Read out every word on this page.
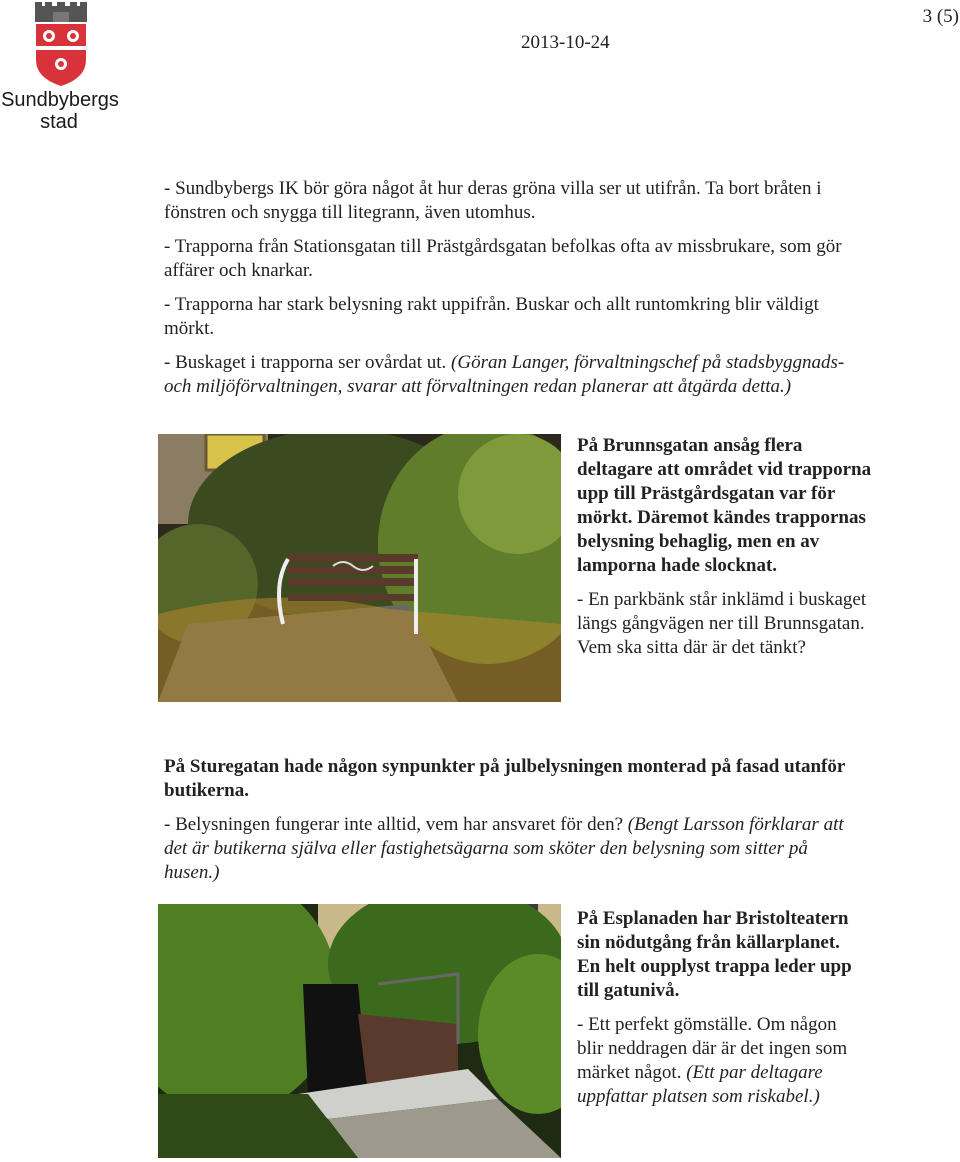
Sundbybergs
stad
2013-10-24
3 (5)

- Sundbybergs IK bör göra något åt hur deras gröna villa ser ut utifrån. Ta bort bråten i fönstren och snygga till litegrann, även utomhus.

- Trapporna från Stationsgatan till Prästgårdsgatan befolkas ofta av missbrukare, som gör affärer och knarkar.

- Trapporna har stark belysning rakt uppifrån. Buskar och allt runtomkring blir väldigt mörkt.

- Buskaget i trapporna ser ovårdat ut. (Göran Langer, förvaltningschef på stadsbyggnads- och miljöförvaltningen, svarar att förvaltningen redan planerar att åtgärda detta.)

På Brunnsgatan ansåg flera deltagare att området vid trapporna upp till Prästgårdsgatan var för mörkt. Däremot kändes trappornas belysning behaglig, men en av lamporna hade slocknat.

- En parkbänk står inklämd i buskaget längs gångvägen ner till Brunnsgatan. Vem ska sitta där är det tänkt?

På Sturegatan hade någon synpunkter på julbelysningen monterad på fasad utanför butikerna.

- Belysningen fungerar inte alltid, vem har ansvaret för den? (Bengt Larsson förklarar att det är butikerna själva eller fastighetsägarna som sköter den belysning som sitter på husen.)

På Esplanaden har Bristolteatern sin nödutgång från källarplanet. En helt oupplyst trappa leder upp till gatunivå.

- Ett perfekt gömställe. Om någon blir neddragen där är det ingen som märket något. (Ett par deltagare uppfattar platsen som riskabel.)
